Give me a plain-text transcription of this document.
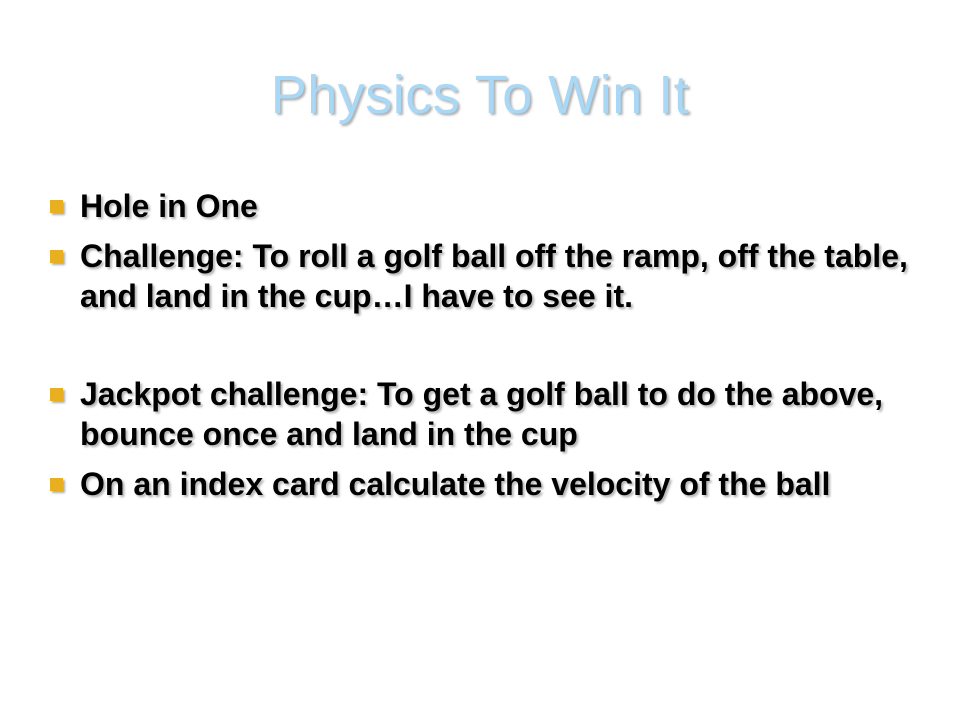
Physics To Win It
Hole in One
Challenge: To roll a golf ball off the ramp, off the table, and land in the cup…I have to see it.
Jackpot challenge: To get a golf ball to do the above, bounce once and land in the cup
On an index card calculate the velocity of the ball
